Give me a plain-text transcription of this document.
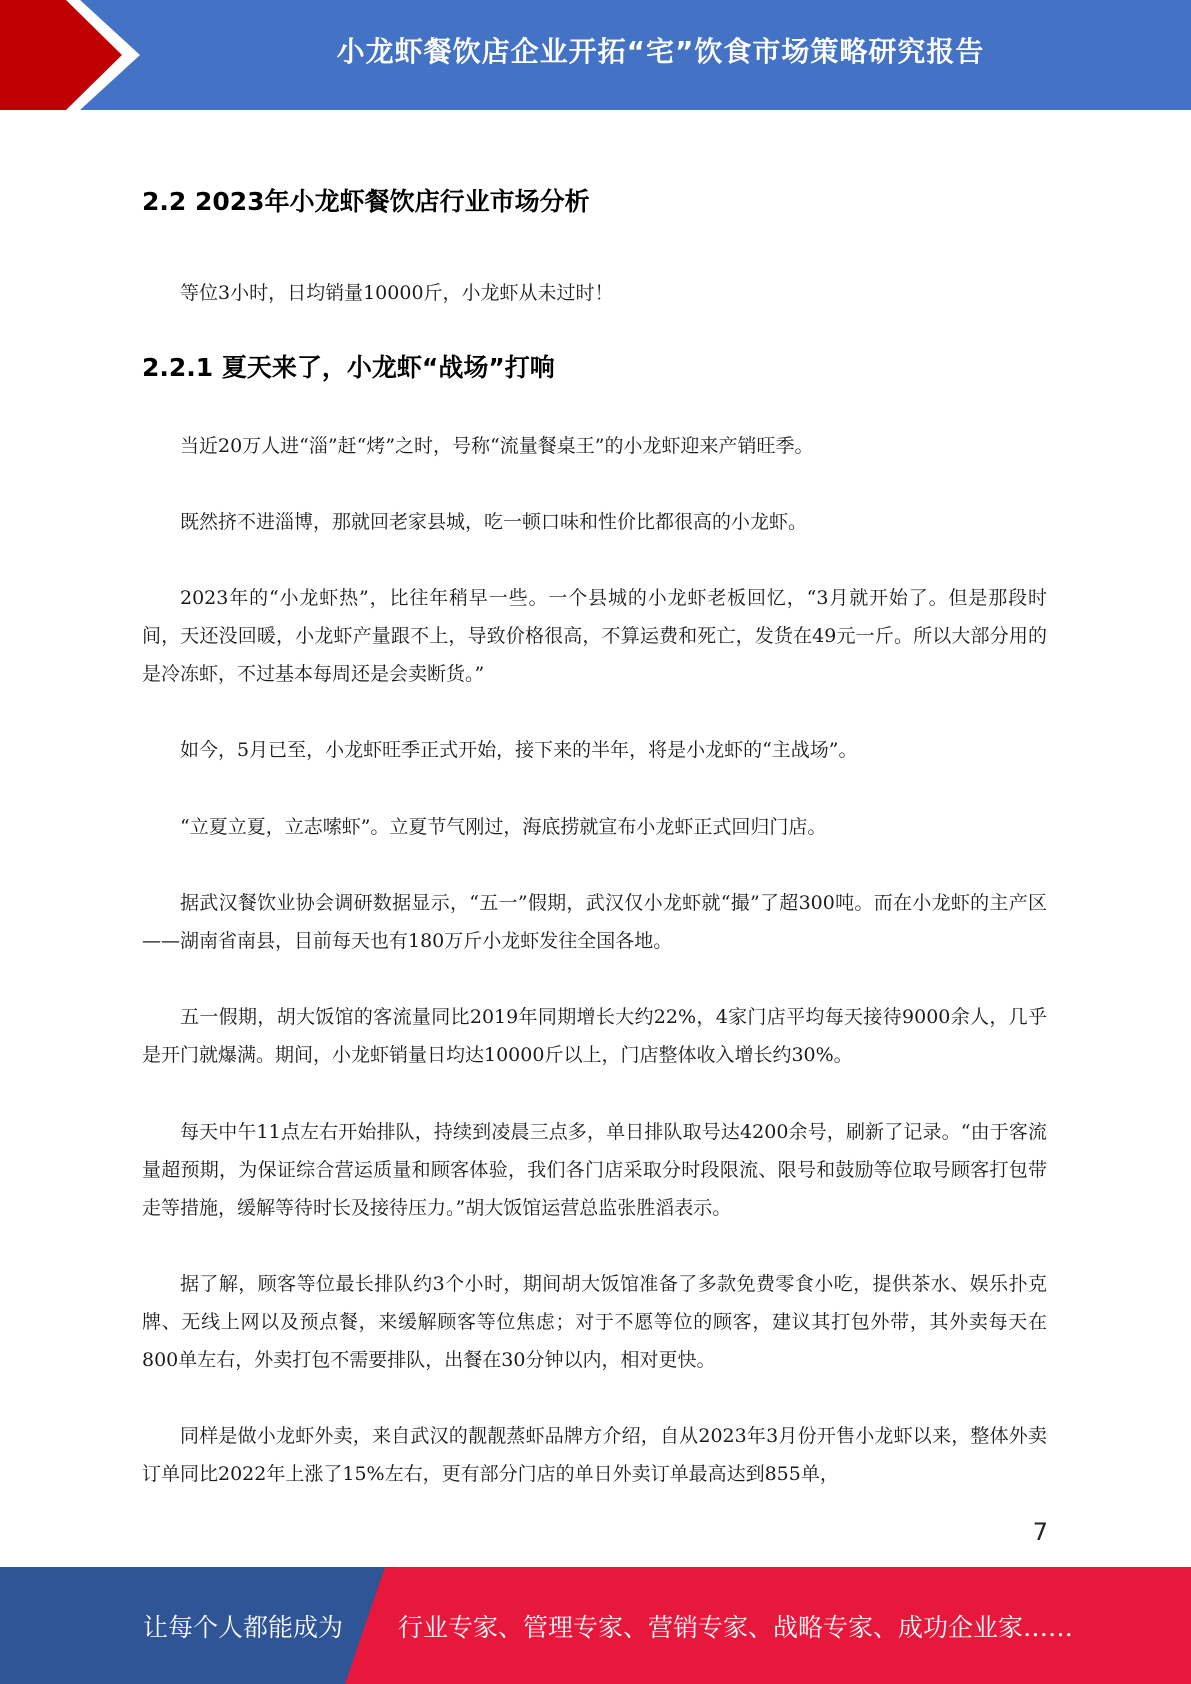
小龙虾餐饮店企业开拓“宅”饮食市场策略研究报告
2.2 2023年小龙虾餐饮店行业市场分析

等位3小时，日均销量10000斤，小龙虾从未过时！

2.2.1 夏天来了，小龙虾“战场”打响

当近20万人进“淄”赶“烤”之时，号称“流量餐桌王”的小龙虾迎来产销旺季。

既然挤不进淄博，那就回老家县城，吃一顿口味和性价比都很高的小龙虾。

2023年的“小龙虾热”，比往年稍早一些。一个县城的小龙虾老板回忆，“3月就开始了。但是那段时间，天还没回暖，小龙虾产量跟不上，导致价格很高，不算运费和死亡，发货在49元一斤。所以大部分用的是冷冻虾，不过基本每周还是会卖断货。”

如今，5月已至，小龙虾旺季正式开始，接下来的半年，将是小龙虾的“主战场”。

“立夏立夏，立志嗦虾”。立夏节气刚过，海底捞就宣布小龙虾正式回归门店。

据武汉餐饮业协会调研数据显示，“五一”假期，武汉仅小龙虾就“撮”了超300吨。而在小龙虾的主产区——湖南省南县，目前每天也有180万斤小龙虾发往全国各地。

五一假期，胡大饭馆的客流量同比2019年同期增长大约22%，4家门店平均每天接待9000余人，几乎是开门就爆满。期间，小龙虾销量日均达10000斤以上，门店整体收入增长约30%。

每天中午11点左右开始排队，持续到凌晨三点多，单日排队取号达4200余号，刷新了记录。“由于客流量超预期，为保证综合营运质量和顾客体验，我们各门店采取分时段限流、限号和鼓励等位取号顾客打包带走等措施，缓解等待时长及接待压力。”胡大饭馆运营总监张胜滔表示。

据了解，顾客等位最长排队约3个小时，期间胡大饭馆准备了多款免费零食小吃，提供茶水、娱乐扑克牌、无线上网以及预点餐，来缓解顾客等位焦虑；对于不愿等位的顾客，建议其打包外带，其外卖每天在800单左右，外卖打包不需要排队，出餐在30分钟以内，相对更快。

同样是做小龙虾外卖，来自武汉的靓靓蒸虾品牌方介绍，自从2023年3月份开售小龙虾以来，整体外卖订单同比2022年上涨了15%左右，更有部分门店的单日外卖订单最高达到855单，

7
让每个人都能成为 行业专家、管理专家、营销专家、战略专家、成功企业家……
